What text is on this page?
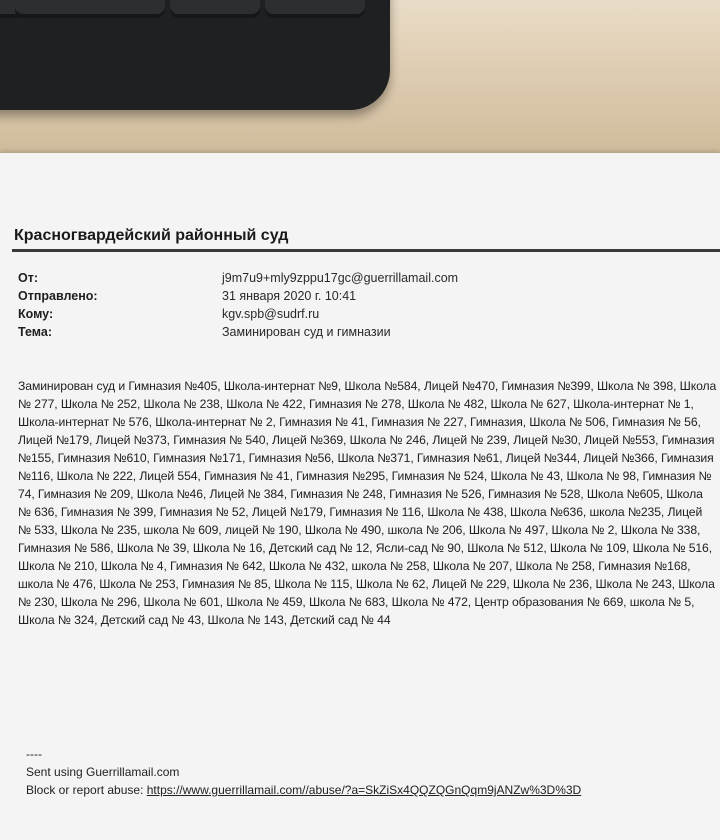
Красногвардейский районный суд
От:	j9m7u9+mly9zppu17gc@guerrillamail.com
Отправлено:	31 января 2020 г. 10:41
Кому:	kgv.spb@sudrf.ru
Тема:	Заминирован суд и гимназии
Заминирован суд и Гимназия №405, Школа-интернат №9, Школа №584, Лицей №470, Гимназия №399, Школа № 398, Школа № 277, Школа № 252, Школа № 238, Школа № 422, Гимназия № 278, Школа № 482, Школа № 627, Школа-интернат № 1, Школа-интернат № 576, Школа-интернат № 2, Гимназия № 41, Гимназия № 227, Гимназия, Школа № 506, Гимназия № 56, Лицей №179, Лицей №373, Гимназия № 540, Лицей №369, Школа № 246, Лицей № 239, Лицей №30, Лицей №553, Гимназия №155, Гимназия №610, Гимназия №171, Гимназия №56, Школа №371, Гимназия №61, Лицей №344, Лицей №366, Гимназия №116, Школа № 222, Лицей 554, Гимназия № 41, Гимназия №295, Гимназия № 524, Школа № 43, Школа № 98, Гимназия № 74, Гимназия № 209, Школа №46, Лицей № 384, Гимназия № 248, Гимназия № 526, Гимназия № 528, Школа №605, Школа № 636, Гимназия № 399, Гимназия № 52, Лицей №179, Гимназия № 116, Школа № 438, Школа №636, школа №235, Лицей № 533, Школа № 235, школа № 609, лицей № 190, Школа № 490, школа № 206, Школа № 497, Школа № 2, Школа № 338, Гимназия № 586, Школа № 39, Школа № 16, Детский сад № 12, Ясли-сад № 90, Школа № 512, Школа № 109, Школа № 516, Школа № 210, Школа № 4, Гимназия № 642, Школа № 432, школа № 258, Школа № 207, Школа № 258, Гимназия №168, школа № 476, Школа № 253, Гимназия № 85, Школа № 115, Школа № 62, Лицей № 229, Школа № 236, Школа № 243, Школа № 230, Школа № 296, Школа № 601, Школа № 459, Школа № 683, Школа № 472, Центр образования № 669, школа № 5, Школа № 324, Детский сад № 43, Школа № 143, Детский сад № 44
----
Sent using Guerrillamail.com
Block or report abuse: https://www.guerrillamail.com//abuse/?a=SkZiSx4QQZQGnQqm9jANZw%3D%3D
